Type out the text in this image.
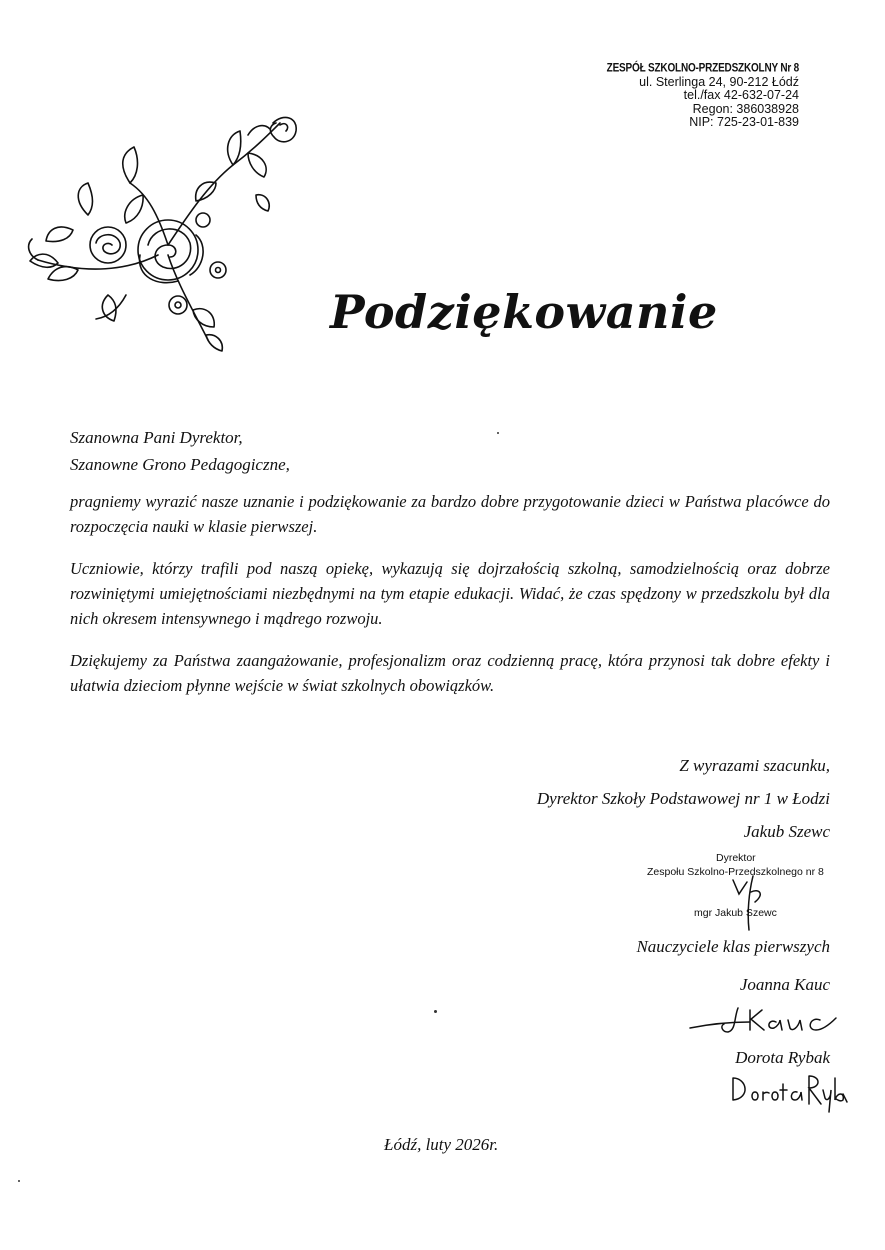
ZESPÓŁ SZKOLNO-PRZEDSZKOLNY Nr 8
ul. Sterlinga 24, 90-212 Łódź
tel./fax 42-632-07-24
Regon: 386038928
NIP: 725-23-01-839
Podziękowanie
Szanowna Pani Dyrektor,
Szanowne Grono Pedagogiczne,

pragniemy wyrazić nasze uznanie i podziękowanie za bardzo dobre przygotowanie dzieci w Państwa placówce do rozpoczęcia nauki w klasie pierwszej.

Uczniowie, którzy trafili pod naszą opiekę, wykazują się dojrzałością szkolną, samodzielnością oraz dobrze rozwiniętymi umiejętnościami niezbędnymi na tym etapie edukacji. Widać, że czas spędzony w przedszkolu był dla nich okresem intensywnego i mądrego rozwoju.

Dziękujemy za Państwa zaangażowanie, profesjonalizm oraz codzienną pracę, która przynosi tak dobre efekty i ułatwia dzieciom płynne wejście w świat szkolnych obowiązków.

Z wyrazami szacunku,
Dyrektor Szkoły Podstawowej nr 1 w Łodzi
Jakub Szewc
Dyrektor
Zespołu Szkolno-Przedszkolnego nr 8
mgr Jakub Szewc
Nauczyciele klas pierwszych
Joanna Kauc
Dorota Rybak
Łódź, luty 2026r.
